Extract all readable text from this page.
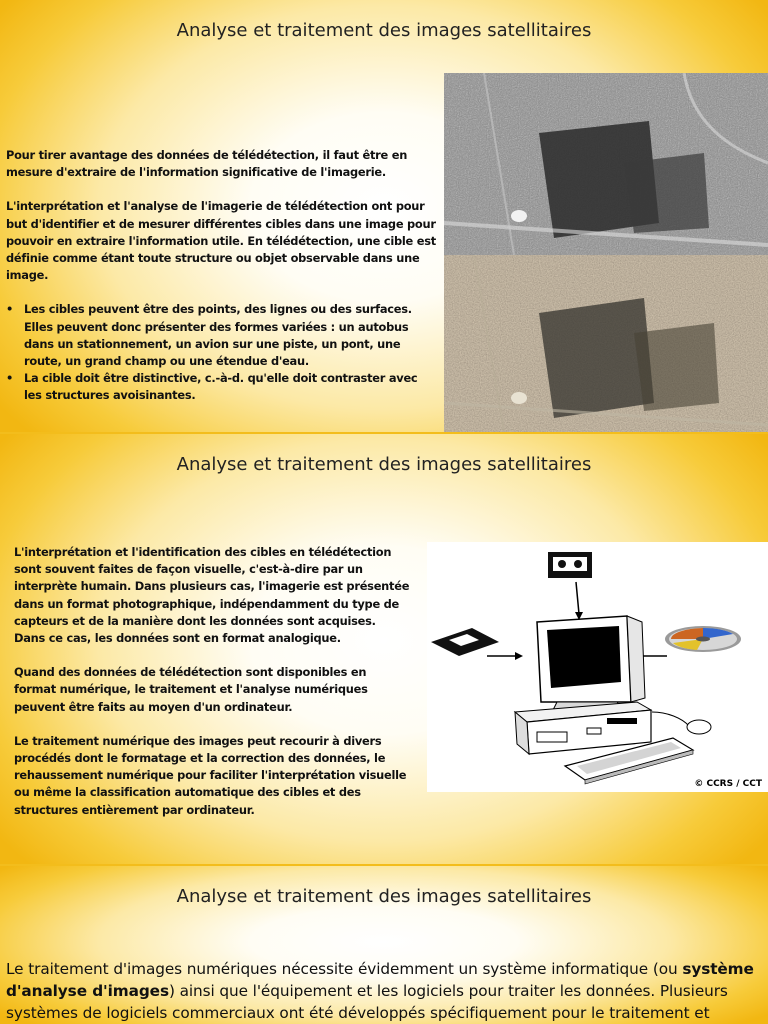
Analyse et traitement des images satellitaires

Pour tirer avantage des données de télédétection, il faut être en mesure d'extraire de l'information significative de l'imagerie.

L'interprétation et l'analyse de l'imagerie de télédétection ont pour but d'identifier et de mesurer différentes cibles dans une image pour pouvoir en extraire l'information utile. En télédétection, une cible est définie comme étant toute structure ou objet observable dans une image.

• Les cibles peuvent être des points, des lignes ou des surfaces. Elles peuvent donc présenter des formes variées : un autobus dans un stationnement, un avion sur une piste, un pont, une route, un grand champ ou une étendue d'eau.
• La cible doit être distinctive, c.-à-d. qu'elle doit contraster avec les structures avoisinantes.
Analyse et traitement des images satellitaires

L'interprétation et l'identification des cibles en télédétection sont souvent faites de façon visuelle, c'est-à-dire par un interprète humain. Dans plusieurs cas, l'imagerie est présentée dans un format photographique, indépendamment du type de capteurs et de la manière dont les données sont acquises. Dans ce cas, les données sont en format analogique.

Quand des données de télédétection sont disponibles en format numérique, le traitement et l'analyse numériques peuvent être faits au moyen d'un ordinateur.

Le traitement numérique des images peut recourir à divers procédés dont le formatage et la correction des données, le rehaussement numérique pour faciliter l'interprétation visuelle ou même la classification automatique des cibles et des structures entièrement par ordinateur.

© CCRS / CCT
Analyse et traitement des images satellitaires
Le traitement d'images numériques nécessite évidemment un système informatique (ou système d'analyse d'images) ainsi que l'équipement et les logiciels pour traiter les données. Plusieurs systèmes de logiciels commerciaux ont été développés spécifiquement pour le traitement et
